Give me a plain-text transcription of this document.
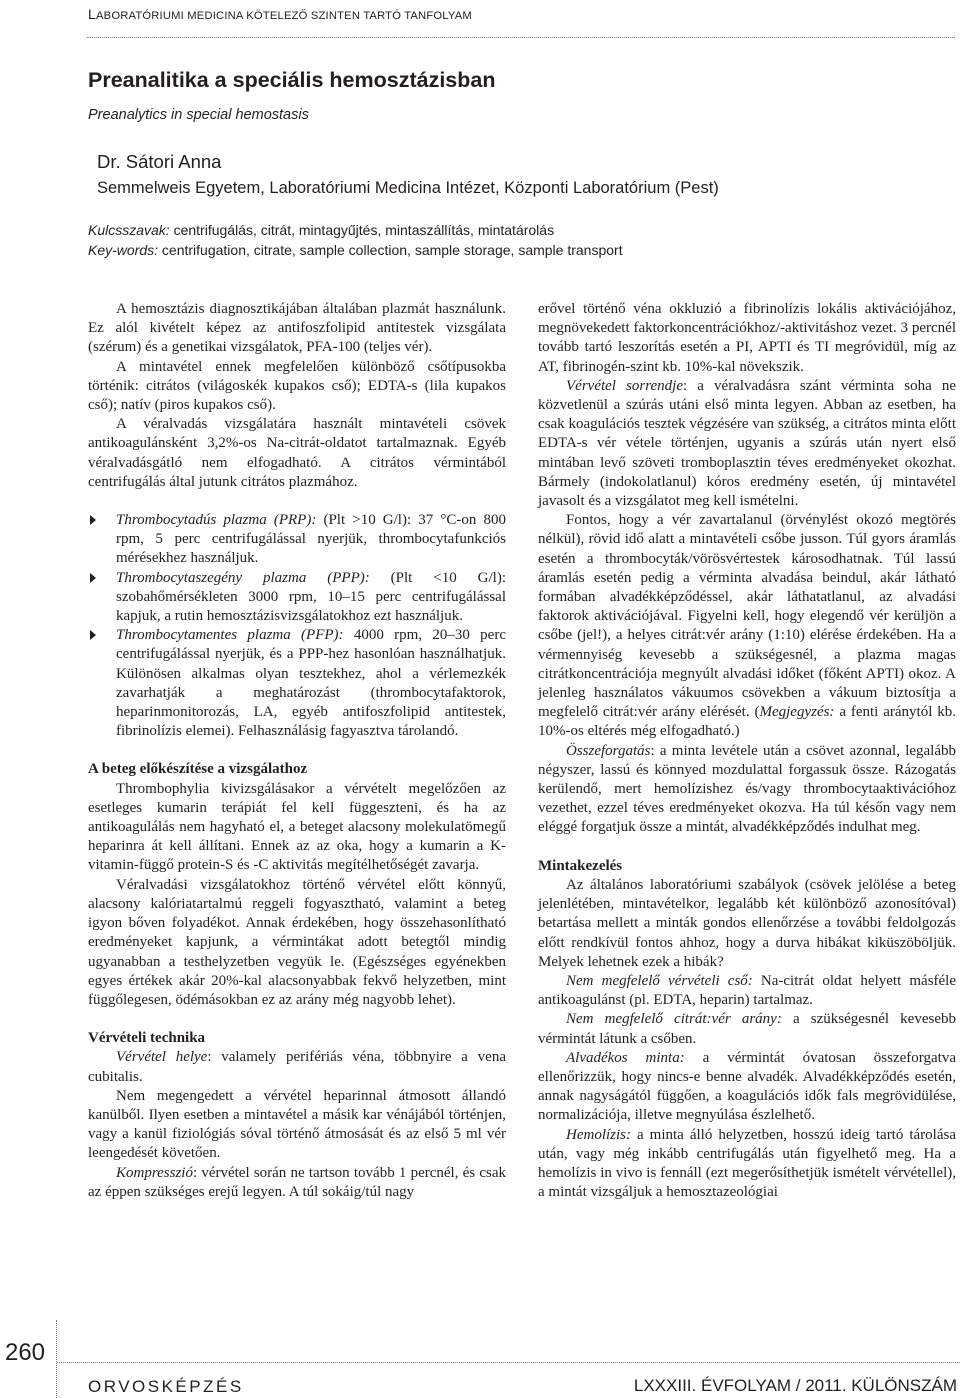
LABORATÓRIUMI MEDICINA KÖTELEZŐ SZINTEN TARTÓ TANFOLYAM
Preanalitika a speciális hemosztázisban
Preanalytics in special hemostasis
Dr. Sátori Anna
Semmelweis Egyetem, Laboratóriumi Medicina Intézet, Központi Laboratórium (Pest)
Kulcsszavak: centrifugálás, citrát, mintagyűjtés, mintaszállítás, mintatárolás
Key-words: centrifugation, citrate, sample collection, sample storage, sample transport

A hemosztázis diagnosztikájában általában plazmát használunk. Ez alól kivételt képez az antifoszfolipid antitestek vizsgálata (szérum) és a genetikai vizsgálatok, PFA-100 (teljes vér).

A mintavétel ennek megfelelően különböző csőtípusokba történik: citrátos (világoskék kupakos cső); EDTA-s (lila kupakos cső); natív (piros kupakos cső).

A véralvadás vizsgálatára használt mintavételi csövek antikoagulánsként 3,2%-os Na-citrát-oldatot tartalmaznak. Egyéb véralvadásgátló nem elfogadható. A citrátos vérmintából centrifugálás által jutunk citrátos plazmához.

Thrombocytadús plazma (PRP): (Plt >10 G/l): 37 °C-on 800 rpm, 5 perc centrifugálással nyerjük, thrombocytafunkciós mérésekhez használjuk.
Thrombocytaszegény plazma (PPP): (Plt <10 G/l): szobahőmérsékleten 3000 rpm, 10–15 perc centrifugálással kapjuk, a rutin hemosztázisvizsgálatokhoz ezt használjuk.
Thrombocytamentes plazma (PFP): 4000 rpm, 20–30 perc centrifugálással nyerjük, és a PPP-hez hasonlóan használhatjuk. Különösen alkalmas olyan tesztekhez, ahol a vérlemezkék zavarhatják a meghatározást (thrombocytafaktorok, heparinmonitorozás, LA, egyéb antifoszfolipid antitestek, fibrinolízis elemei). Felhasználásig fagyasztva tárolandó.
A beteg előkészítése a vizsgálathoz

Thrombophylia kivizsgálásakor a vérvételt megelőzően az esetleges kumarin terápiát fel kell függeszteni, és ha az antikoagulálás nem hagyható el, a beteget alacsony molekulatömegű heparinra át kell állítani. Ennek az az oka, hogy a kumarin a K-vitamin-függő protein-S és -C aktivitás megítélhetőségét zavarja.

Véralvadási vizsgálatokhoz történő vérvétel előtt könnyű, alacsony kalóriatartalmú reggeli fogyasztható, valamint a beteg igyon bőven folyadékot. Annak érdekében, hogy összehasonlítható eredményeket kapjunk, a vérmintákat adott betegtől mindig ugyanabban a testhelyzetben vegyük le. (Egészséges egyénekben egyes értékek akár 20%-kal alacsonyabbak fekvő helyzetben, mint függőlegesen, ödémásokban ez az arány még nagyobb lehet).

Vérvételi technika

Vérvétel helye: valamely perifériás véna, többnyire a vena cubitalis.

Nem megengedett a vérvétel heparinnal átmosott állandó kanülből. Ilyen esetben a mintavétel a másik kar vénájából történjen, vagy a kanül fiziológiás sóval történő átmosását és az első 5 ml vér leengedését követően.

Kompresszió: vérvétel során ne tartson tovább 1 percnél, és csak az éppen szükséges erejű legyen. A túl sokáig/túl nagy

erővel történő véna okkluzió a fibrinolízis lokális aktivációjához, megnövekedett faktorkoncentrációkhoz/-aktivitáshoz vezet. 3 percnél tovább tartó leszorítás esetén a PI, APTI és TI megróvidül, míg az AT, fibrinogén-szint kb. 10%-kal növekszik.

Vérvétel sorrendje: a véralvadásra szánt vérminta soha ne közvetlenül a szúrás utáni első minta legyen. Abban az esetben, ha csak koagulációs tesztek végzésére van szükség, a citrátos minta előtt EDTA-s vér vétele történjen, ugyanis a szúrás után nyert első mintában levő szöveti tromboplasztin téves eredményeket okozhat. Bármely (indokolatlanul) kóros eredmény esetén, új mintavétel javasolt és a vizsgálatot meg kell ismételni.

Fontos, hogy a vér zavartalanul (örvénylést okozó megtörés nélkül), rövid idő alatt a mintavételi csőbe jusson. Túl gyors áramlás esetén a thrombocyták/vörösvértestek károsodhatnak. Túl lassú áramlás esetén pedig a vérminta alvadása beindul, akár látható formában alvadékképződéssel, akár láthatatlanul, az alvadási faktorok aktivációjával. Figyelni kell, hogy elegendő vér kerüljön a csőbe (jel!), a helyes citrát:vér arány (1:10) elérése érdekében. Ha a vérmennyiség kevesebb a szükségesnél, a plazma magas citrátkoncentrációja megnyúlt alvadási időket (főként APTI) okoz. A jelenleg használatos vákuumos csövekben a vákuum biztosítja a megfelelő citrát:vér arány elérését. (Megjegyzés: a fenti aránytól kb. 10%-os eltérés még elfogadható.)

Összeforgatás: a minta levétele után a csövet azonnal, legalább négyszer, lassú és könnyed mozdulattal forgassuk össze. Rázogatás kerülendő, mert hemolízishez és/vagy thrombocytaaktivációhoz vezethet, ezzel téves eredményeket okozva. Ha túl későn vagy nem eléggé forgatjuk össze a mintát, alvadékképződés indulhat meg.

Mintakezelés

Az általános laboratóriumi szabályok (csövek jelölése a beteg jelenlétében, mintavételkor, legalább két különböző azonosítóval) betartása mellett a minták gondos ellenőrzése a további feldolgozás előtt rendkívül fontos ahhoz, hogy a durva hibákat kiküszöböljük. Melyek lehetnek ezek a hibák?

Nem megfelelő vérvételi cső: Na-citrát oldat helyett másféle antikoagulánst (pl. EDTA, heparin) tartalmaz.

Nem megfelelő citrát:vér arány: a szükségesnél kevesebb vérmintát látunk a csőben.

Alvadékos minta: a vérmintát óvatosan összeforgatva ellenőrizzük, hogy nincs-e benne alvadék. Alvadékképződés esetén, annak nagyságától függően, a koagulációs idők fals megrövidülése, normalizációja, illetve megnyúlása észlelhető.

Hemolízis: a minta álló helyzetben, hosszú ideig tartó tárolása után, vagy még inkább centrifugálás után figyelhető meg. Ha a hemolízis in vivo is fennáll (ezt megerősíthetjük ismételt vérvétellel), a mintát vizsgáljuk a hemosztazeológiai

260
ORVOSKÉPZÉS	LXXXIII. ÉVFOLYAM / 2011. KÜLÖNSZÁM
